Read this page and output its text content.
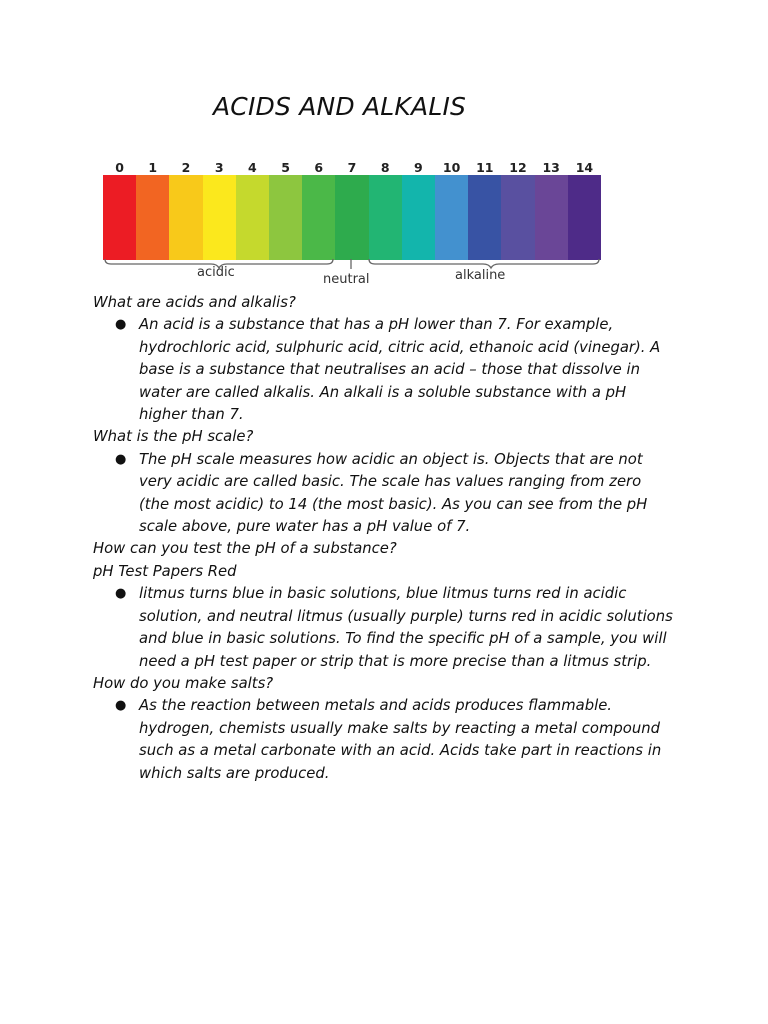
ACIDS AND ALKALIS
0	1	2	3	4	5	6	7	8	9	10	11	12	13	14
acidic	neutral	alkaline

What are acids and alkalis?

● An acid is a substance that has a pH lower than 7. For example,
hydrochloric acid, sulphuric acid, citric acid, ethanoic acid (vinegar). A
base is a substance that neutralises an acid – those that dissolve in
water are called alkalis. An alkali is a soluble substance with a pH
higher than 7.

What is the pH scale?

● The pH scale measures how acidic an object is. Objects that are not
very acidic are called basic. The scale has values ranging from zero
(the most acidic) to 14 (the most basic). As you can see from the pH
scale above, pure water has a pH value of 7.

How can you test the pH of a substance?

pH Test Papers Red

● litmus turns blue in basic solutions, blue litmus turns red in acidic
solution, and neutral litmus (usually purple) turns red in acidic solutions
and blue in basic solutions. To find the specific pH of a sample, you will
need a pH test paper or strip that is more precise than a litmus strip.

How do you make salts?

● As the reaction between metals and acids produces flammable.
hydrogen, chemists usually make salts by reacting a metal compound
such as a metal carbonate with an acid. Acids take part in reactions in
which salts are produced.
